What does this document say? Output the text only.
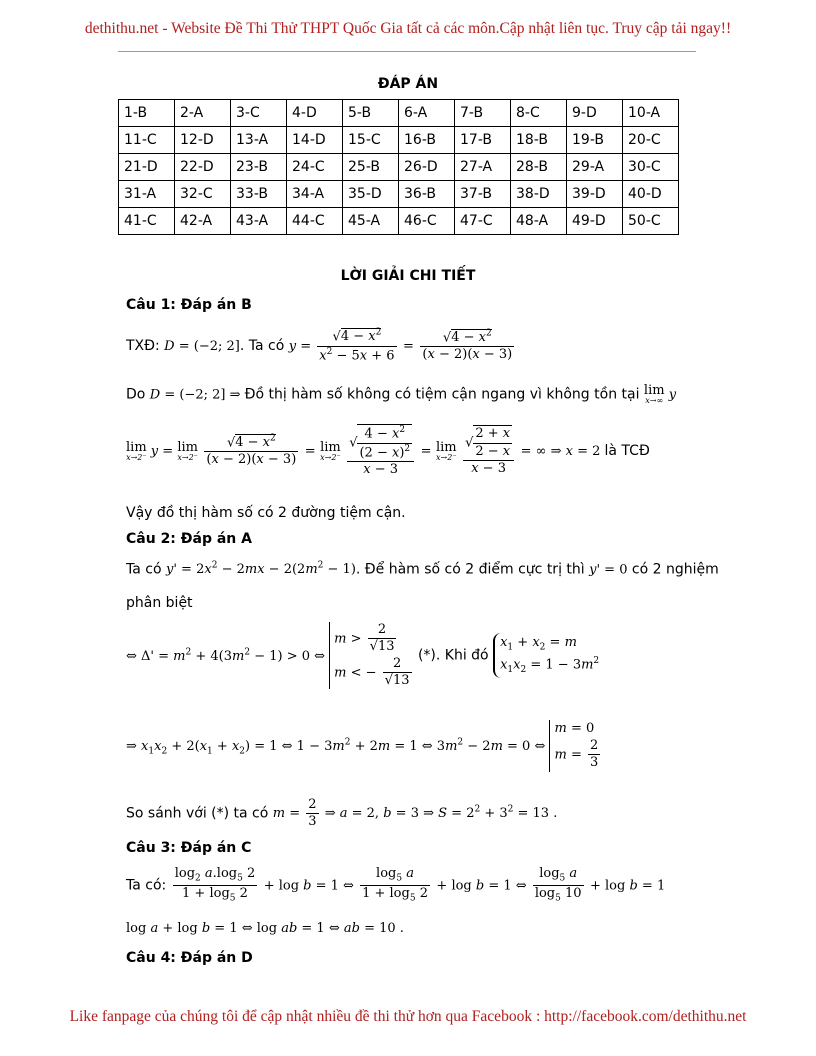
dethithu.net - Website Đề Thi Thử THPT Quốc Gia tất cả các môn.Cập nhật liên tục. Truy cập tải ngay!!
ĐÁP ÁN
1-B	2-A	3-C	4-D	5-B	6-A	7-B	8-C	9-D	10-A
11-C	12-D	13-A	14-D	15-C	16-B	17-B	18-B	19-B	20-C
21-D	22-D	23-B	24-C	25-B	26-D	27-A	28-B	29-A	30-C
31-A	32-C	33-B	34-A	35-D	36-B	37-B	38-D	39-D	40-D
41-C	42-A	43-A	44-C	45-A	46-C	47-C	48-A	49-D	50-C
LỜI GIẢI CHI TIẾT
Câu 1: Đáp án B
TXĐ: D = (−2; 2]. Ta có $y = \frac{√4 - x^2}{x^2 - 5x + 6} = \frac{√4 - x^2}{(x - 2)(x - 3)}$
Do D = (−2; 2] ⇒ Đồ thị hàm số không có tiệm cận ngang vì không tồn tại lim
x→∞ y
lim
x→2⁻ y = lim
x→2⁻
$\frac{√4 - x^2}{(x - 2)(x - 3)} = \lim$
x→2⁻
$\frac{√ \frac{4 - x^2}{(2 - x)^2}}{x - 3} = \lim$
x→2⁻
$\frac{√ \frac{2 + x}{2 - x}}{x - 3}$ = ∞ ⇒ x = 2 là TCĐ
Vậy đồ thị hàm số có 2 đường tiệm cận.
Câu 2: Đáp án A
Ta có $y' = 2x^2 - 2mx - 2(2m^2 - 1)$. Để hàm số có 2 điểm cực trị thì y' = 0 có 2 nghiệm
phân biệt
⇔ $\Delta' = m^2 + 4(3m^2 - 1) > 0$ ⇔
$m > \frac{2}{√13}$
m < − $\frac{2}{√13}$ (*). Khi đó
$x_1 + x_2 = m$
$x_1x_2 = 1 - 3m^2$
⇒ $x_1x_2 + 2(x_1 + x_2) = 1$ ⇔ $1 - 3m^2 + 2m = 1$ ⇔ $3m^2 - 2m = 0$ ⇔
m = 0
$m = \frac{2}{3}$
So sánh với (*) ta có $m = \frac{2}{3}$ ⇒ a = 2, b = 3 ⇒ $S = 2^2 + 3^2 = 13$ .
Câu 3: Đáp án C
Ta có: $\frac{\log_2 a.\log_5 2}{1 + \log_5 2} + \log b = 1$ ⇔ $\frac{\log_5 a}{1 + \log_5 2} + \log b = 1$ ⇔ $\frac{\log_5 a}{\log_5 10} + \log b = 1$
log a + log b = 1 ⇔ log ab = 1 ⇔ ab = 10 .
Câu 4: Đáp án D
Like fanpage của chúng tôi để cập nhật nhiều đề thi thử hơn qua Facebook : http://facebook.com/dethithu.net
